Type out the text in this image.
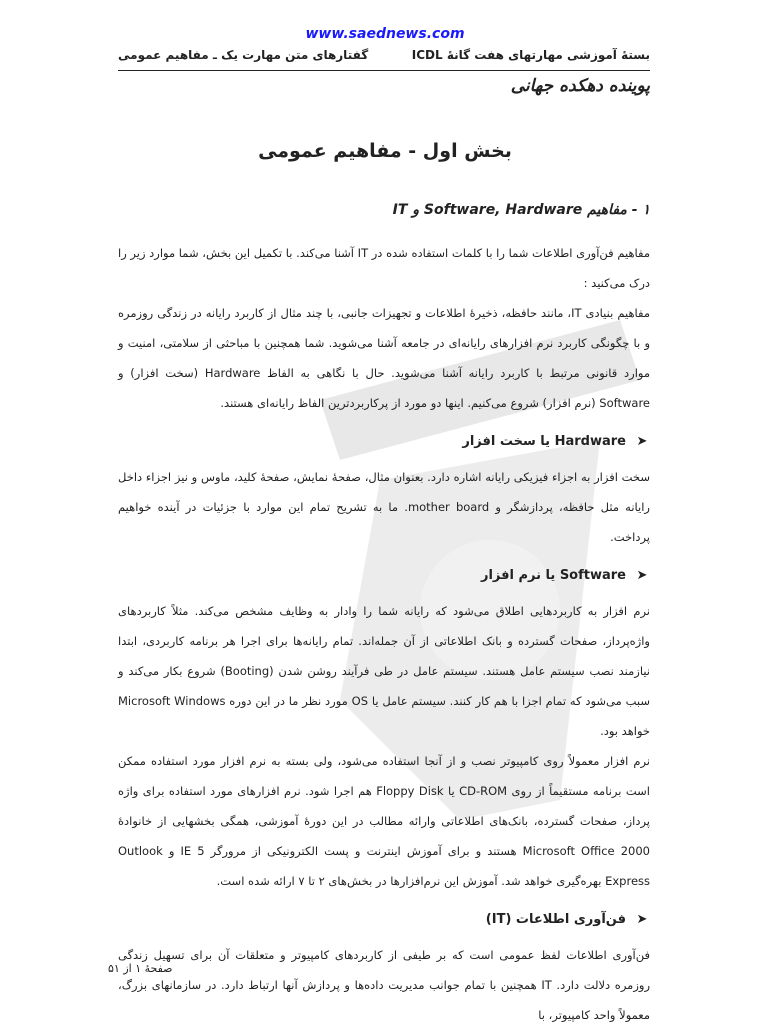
www.saednews.com
بستهٔ آموزشی مهارتهای هفت گانهٔ ICDL
گفتارهای متن مهارت یک ـ مفاهیم عمومی
پوینده دهکده جهانی
بخش اول - مفاهیم عمومی
۱ - مفاهیم Software, Hardware و IT

مفاهیم فن‌آوری اطلاعات شما را با کلمات استفاده شده در IT آشنا می‌کند. با تکمیل این بخش، شما موارد زیر را درک می‌کنید :

مفاهیم بنیادی IT، مانند حافظه، ذخیرهٔ اطلاعات و تجهیزات جانبی، با چند مثال از کاربرد رایانه در زندگی روزمره و با چگونگی کاربرد نرم افزارهای رایانه‌ای در جامعه آشنا می‌شوید. شما همچنین با مباحثی از سلامتی، امنیت و موارد قانونی مرتبط با کاربرد رایانه آشنا می‌شوید. حال با نگاهی به الفاظ Hardware (سخت افزار) و Software (نرم افزار) شروع می‌کنیم. اینها دو مورد از پرکاربردترین الفاظ رایانه‌ای هستند.

➤
Hardware یا سخت افزار

سخت افزار به اجزاء فیزیکی رایانه اشاره دارد. بعنوان مثال، صفحهٔ نمایش، صفحهٔ کلید، ماوس و نیز اجزاء داخل رایانه مثل حافظه، پردازشگر و mother board. ما به تشریح تمام این موارد با جزئیات در آینده خواهیم پرداخت.

➤
Software یا نرم افزار

نرم افزار به کاربردهایی اطلاق می‌شود که رایانه شما را وادار به وظایف مشخص می‌کند. مثلاً کاربردهای واژه‌پرداز، صفحات گسترده و بانک اطلاعاتی از آن جمله‌اند. تمام رایانه‌ها برای اجرا هر برنامه کاربردی، ابتدا نیازمند نصب سیستم عامل هستند. سیستم عامل در طی فرآیند روشن شدن (Booting) شروع بکار می‌کند و سبب می‌شود که تمام اجزا با هم کار کنند. سیستم عامل یا OS مورد نظر ما در این دوره Microsoft Windows خواهد بود.

نرم افزار معمولاً روی کامپیوتر نصب و از آنجا استفاده می‌شود، ولی بسته به نرم افزار مورد استفاده ممکن است برنامه مستقیماً از روی CD-ROM یا Floppy Disk هم اجرا شود. نرم افزارهای مورد استفاده برای واژه پرداز، صفحات گسترده، بانک‌های اطلاعاتی وارائه مطالب در این دورهٔ آموزشی، همگی بخشهایی از خانوادهٔ Microsoft Office 2000 هستند و برای آموزش اینترنت و پست الکترونیکی از مرورگر IE 5 و Outlook Express بهره‌گیری خواهد شد. آموزش این نرم‌افزارها در بخش‌های ۲ تا ۷ ارائه شده است.

➤
فن‌آوری اطلاعات (IT)

فن‌آوری اطلاعات لفظ عمومی است که بر طیفی از کاربردهای کامپیوتر و متعلقات آن برای تسهیل زندگی روزمره دلالت دارد. IT همچنین با تمام جوانب مدیریت داده‌ها و پردازش آنها ارتباط دارد. در سازمانهای بزرگ، معمولاً واحد کامپیوتر، با

صفحهٔ ۱ از ۵۱
